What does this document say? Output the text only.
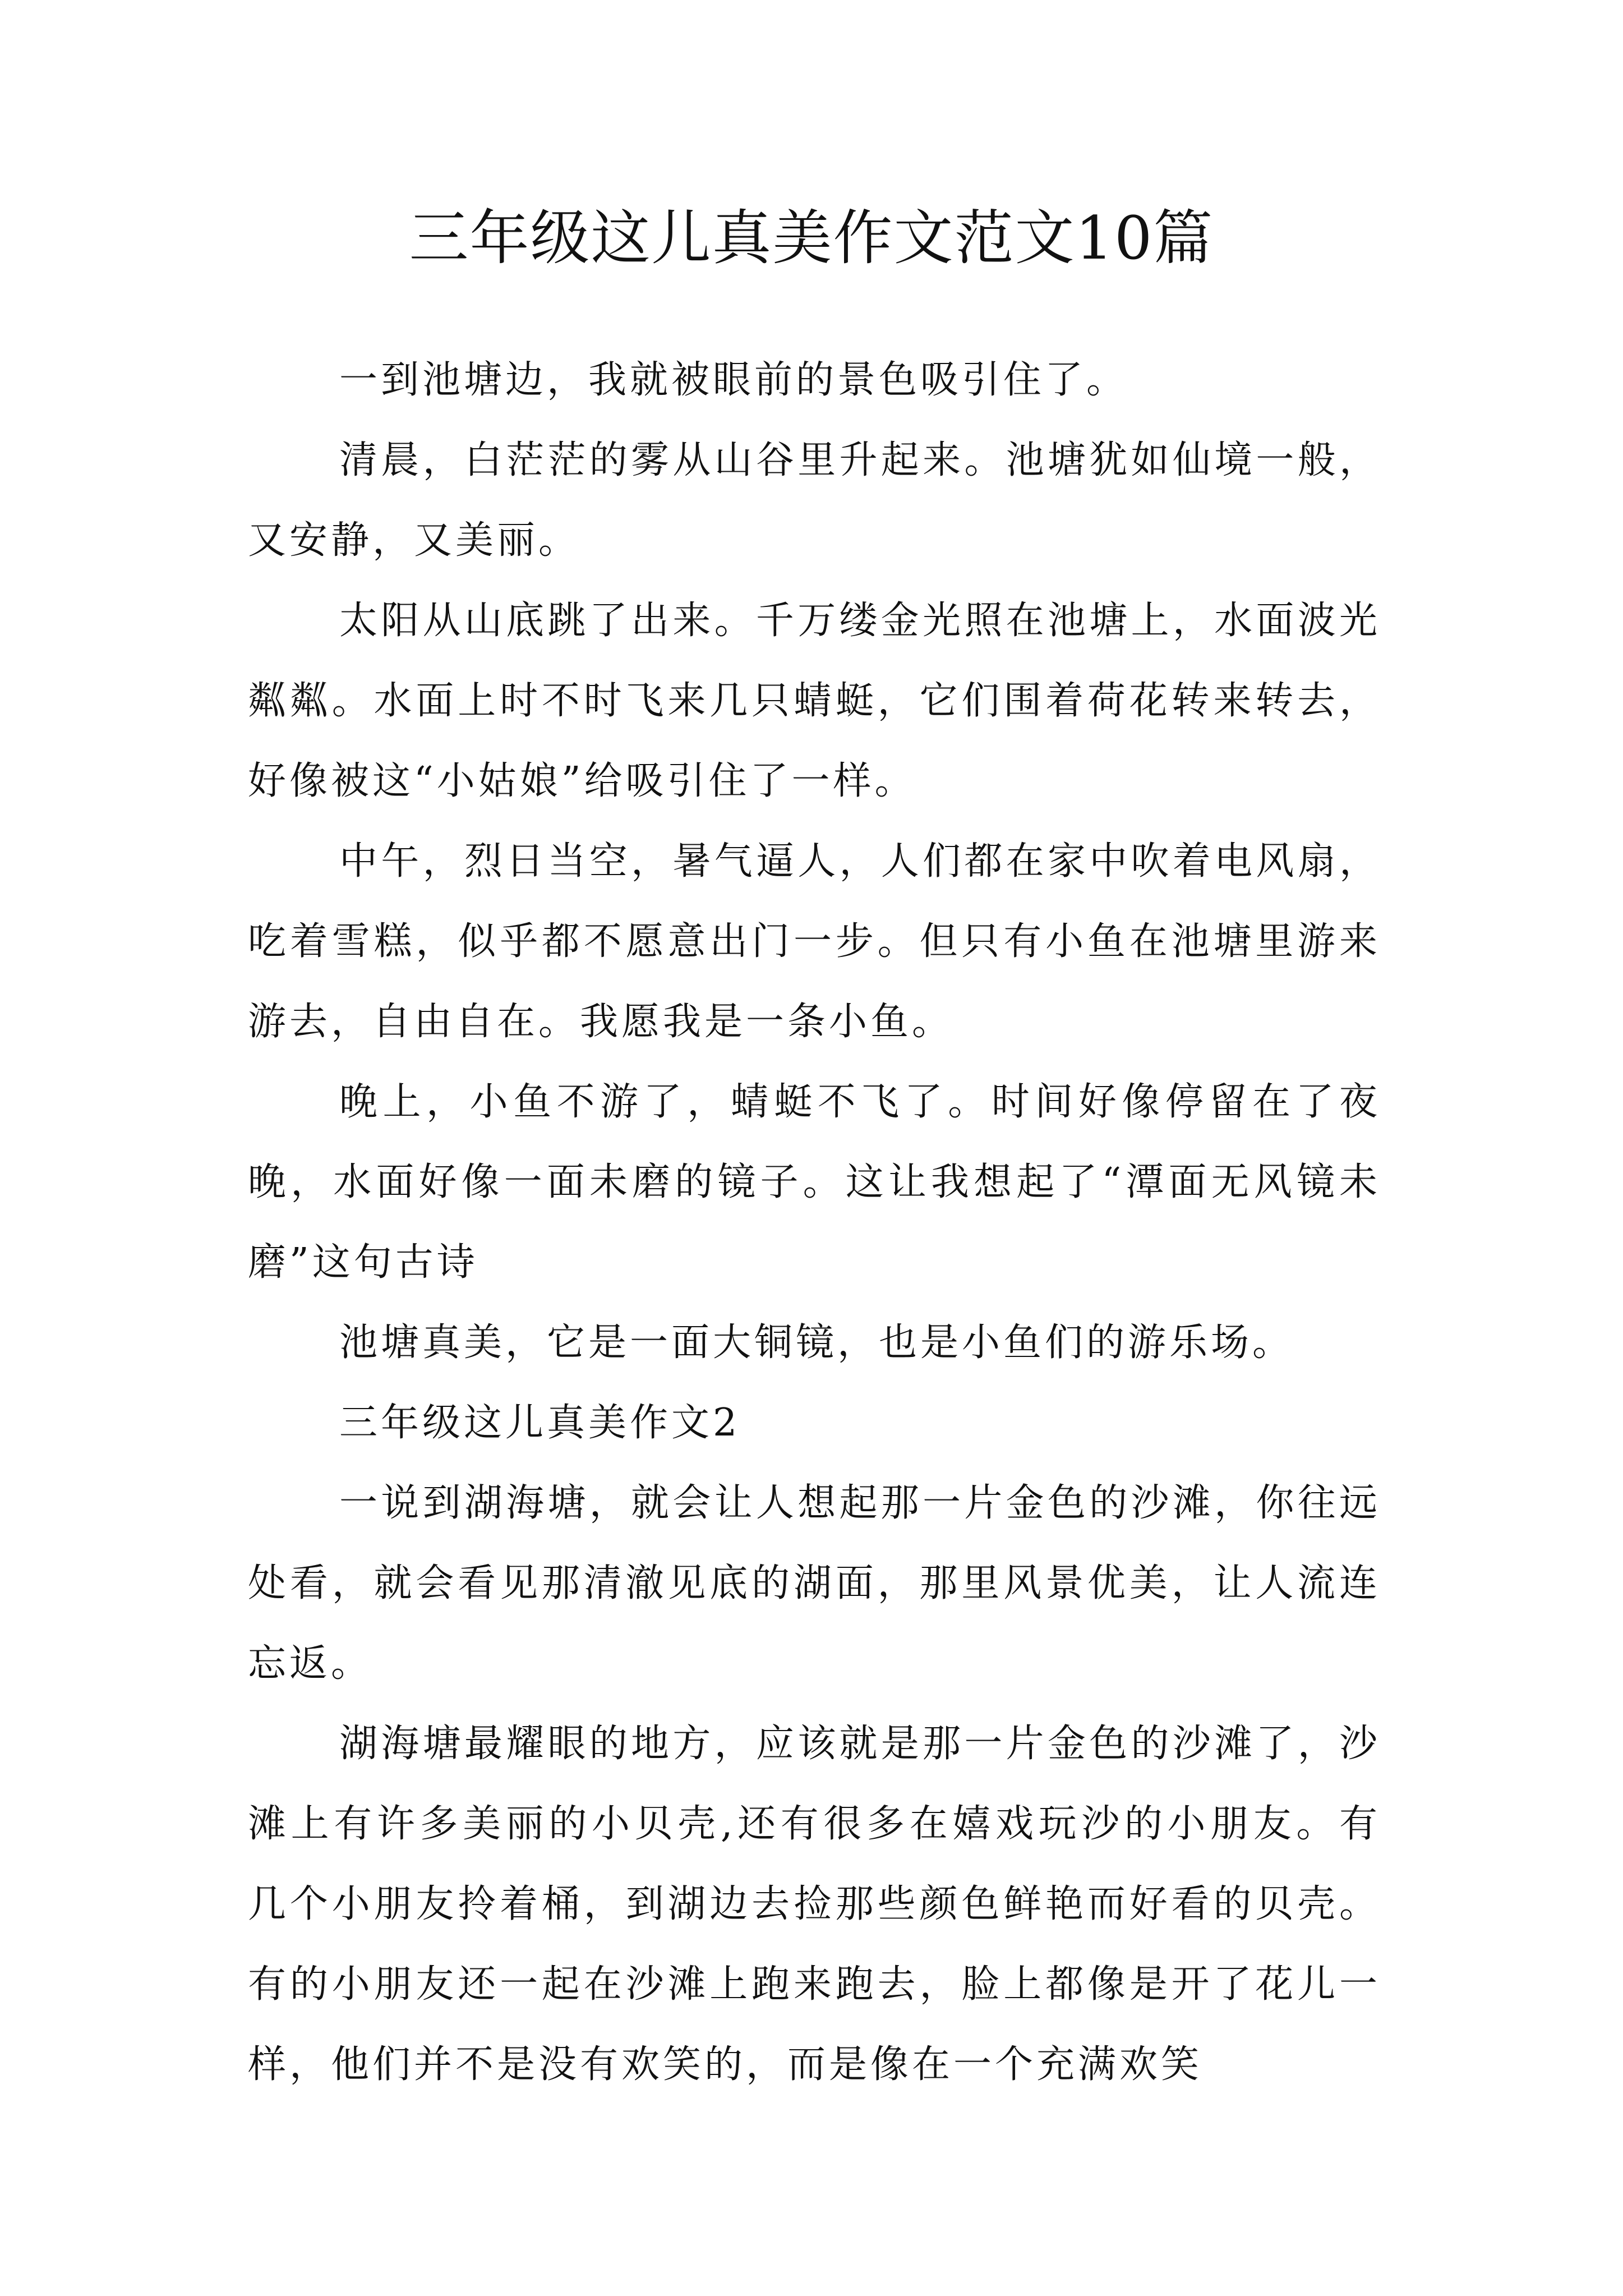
三年级这儿真美作文范文10篇

一到池塘边，我就被眼前的景色吸引住了。

清晨，白茫茫的雾从山谷里升起来。池塘犹如仙境一般，又安静，又美丽。

太阳从山底跳了出来。千万缕金光照在池塘上，水面波光粼粼。水面上时不时飞来几只蜻蜓，它们围着荷花转来转去，好像被这“小姑娘”给吸引住了一样。

中午，烈日当空，暑气逼人，人们都在家中吹着电风扇，吃着雪糕，似乎都不愿意出门一步。但只有小鱼在池塘里游来游去，自由自在。我愿我是一条小鱼。

晚上，小鱼不游了，蜻蜓不飞了。时间好像停留在了夜晚，水面好像一面未磨的镜子。这让我想起了“潭面无风镜未磨”这句古诗

池塘真美，它是一面大铜镜，也是小鱼们的游乐场。

三年级这儿真美作文2

一说到湖海塘，就会让人想起那一片金色的沙滩，你往远处看，就会看见那清澈见底的湖面，那里风景优美，让人流连忘返。

湖海塘最耀眼的地方，应该就是那一片金色的沙滩了，沙滩上有许多美丽的小贝壳,还有很多在嬉戏玩沙的小朋友。有几个小朋友拎着桶，到湖边去捡那些颜色鲜艳而好看的贝壳。有的小朋友还一起在沙滩上跑来跑去，脸上都像是开了花儿一样，他们并不是没有欢笑的，而是像在一个充满欢笑
